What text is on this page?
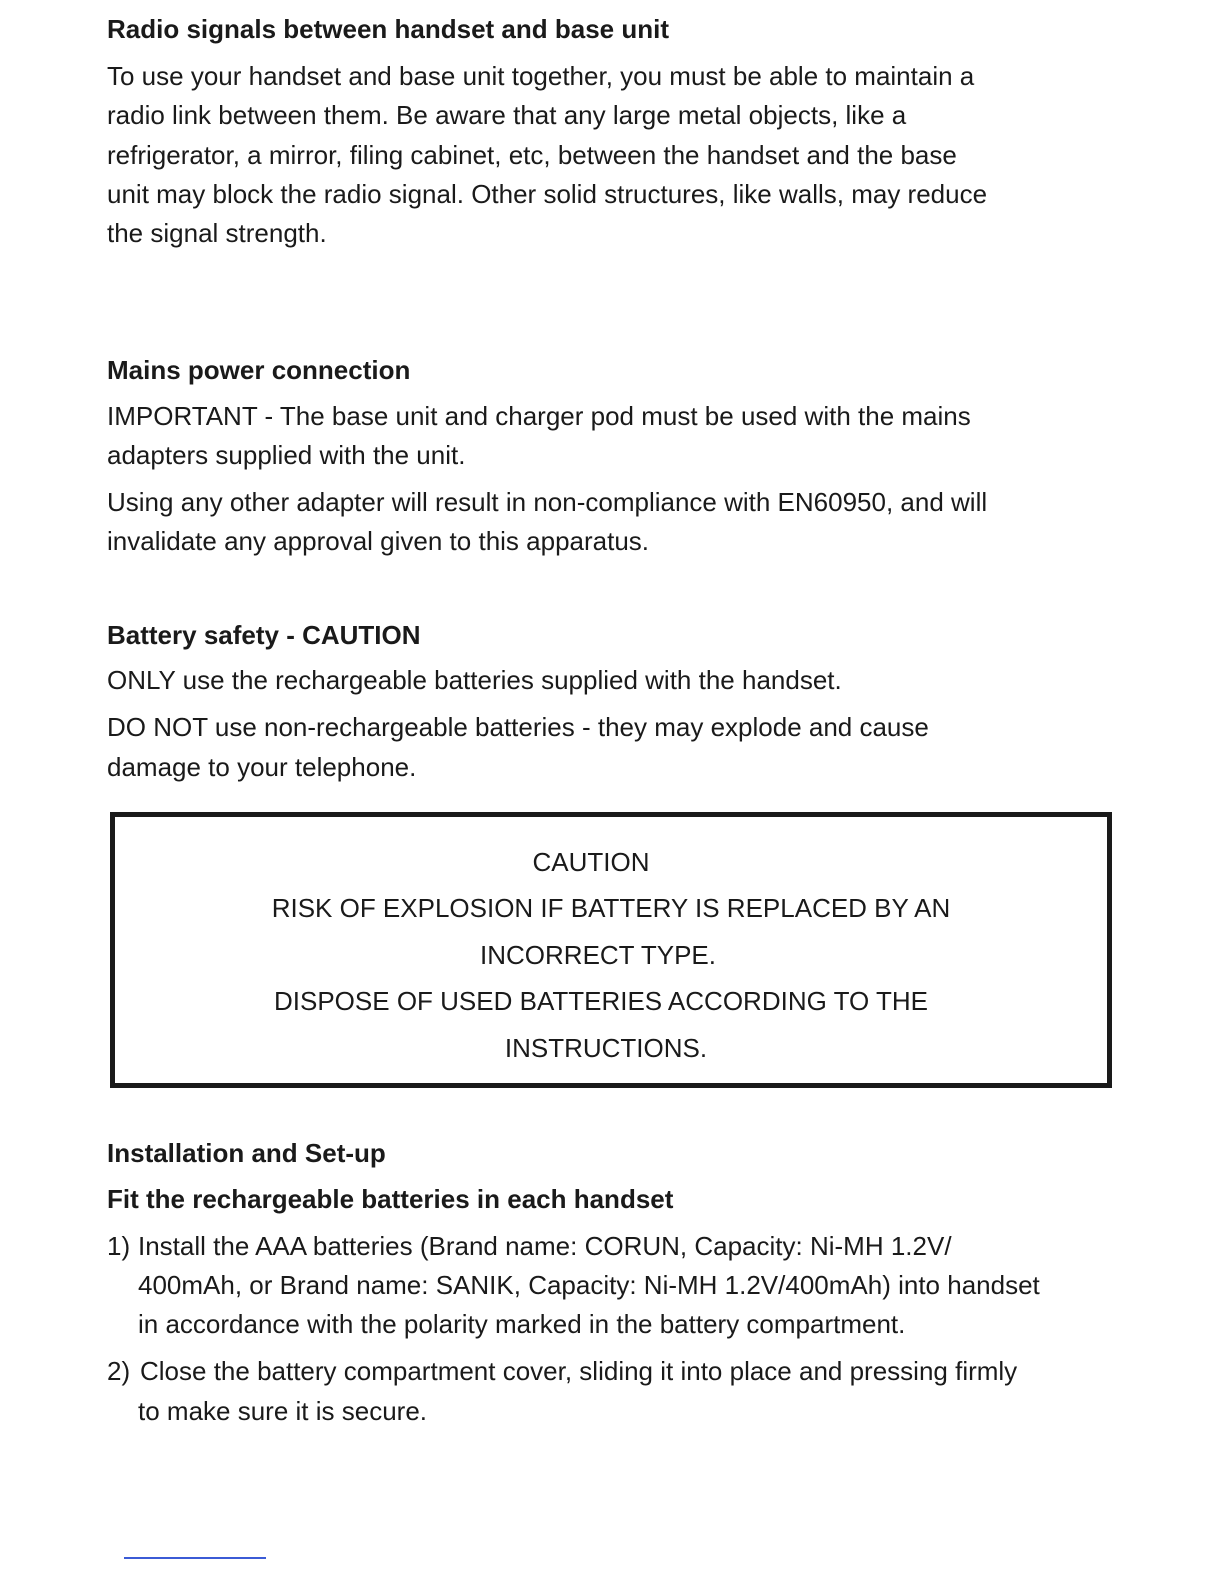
Radio signals between handset and base unit

To use your handset and base unit together, you must be able to maintain a

radio link between them. Be aware that any large metal objects, like a

refrigerator, a mirror, filing cabinet, etc, between the handset and the base

unit may block the radio signal. Other solid structures, like walls, may reduce

the signal strength.

Mains power connection

IMPORTANT - The base unit and charger pod must be used with the mains

adapters supplied with the unit.

Using any other adapter will result in non-compliance with EN60950, and will

invalidate any approval given to this apparatus.

Battery safety - CAUTION

ONLY use the rechargeable batteries supplied with the handset.

DO NOT use non-rechargeable batteries - they may explode and cause

damage to your telephone.

CAUTION

RISK OF EXPLOSION IF BATTERY IS REPLACED BY AN

INCORRECT TYPE.

DISPOSE OF USED BATTERIES ACCORDING TO THE

INSTRUCTIONS.

Installation and Set-up
Fit the rechargeable batteries in each handset
1) Install the AAA batteries (Brand name: CORUN, Capacity: Ni-MH 1.2V/

400mAh, or Brand name: SANIK, Capacity: Ni-MH 1.2V/400mAh) into handset

in accordance with the polarity marked in the battery compartment.

2) Close the battery compartment cover, sliding it into place and pressing firmly

to make sure it is secure.
